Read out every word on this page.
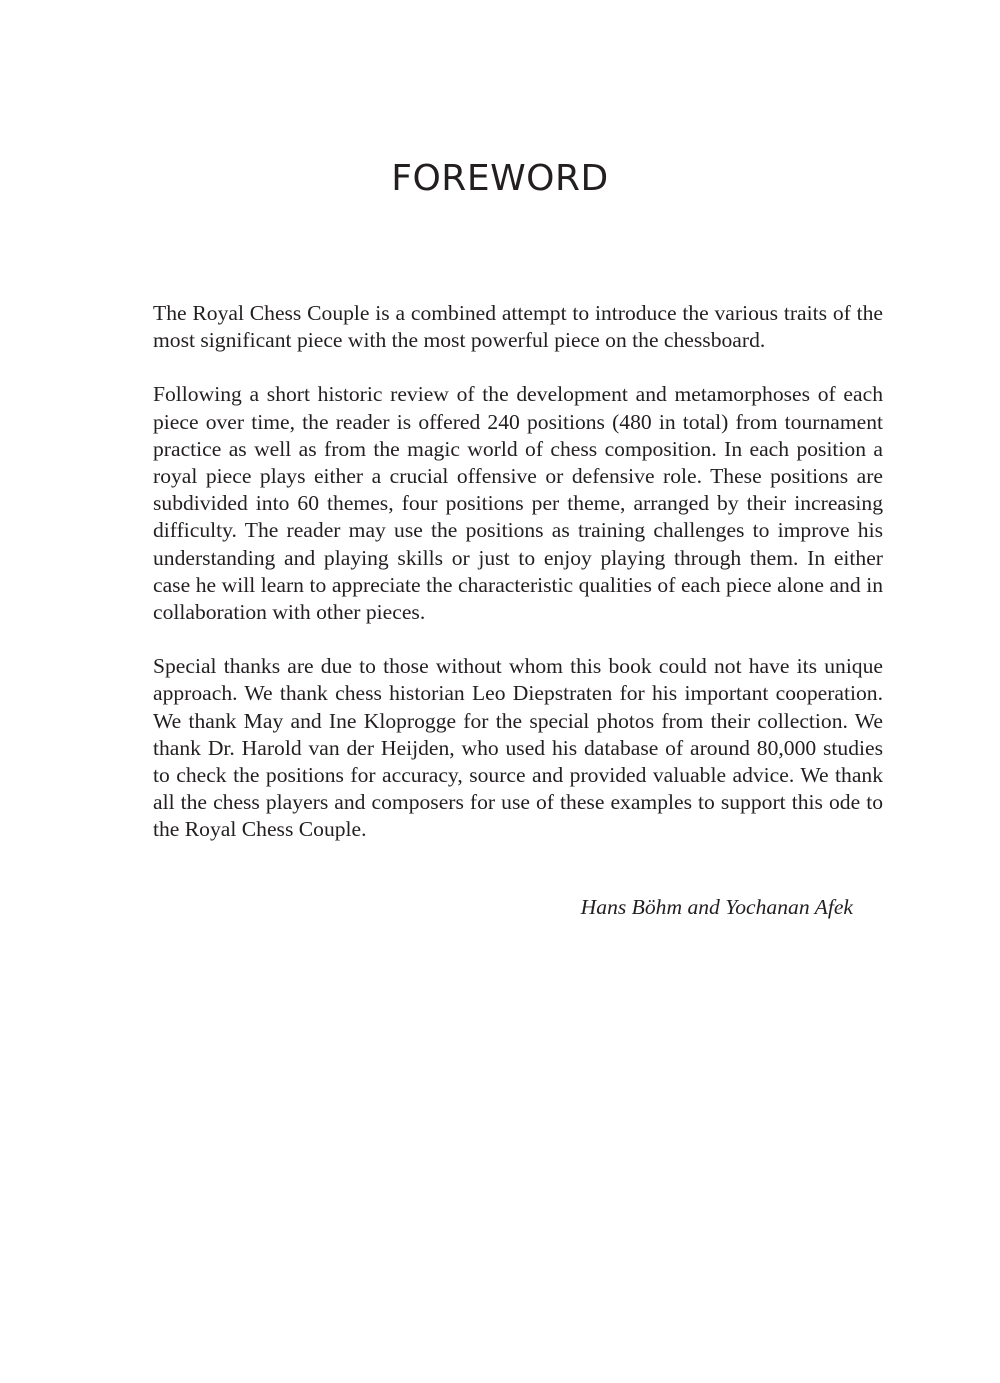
FOREWORD

The Royal Chess Couple is a combined attempt to introduce the various traits of the most significant piece with the most powerful piece on the chessboard.

Following a short historic review of the development and metamorphoses of each piece over time, the reader is offered 240 positions (480 in total) from tournament practice as well as from the magic world of chess composition. In each position a royal piece plays either a crucial offensive or defensive role. These positions are subdivided into 60 themes, four positions per theme, arranged by their increasing difficulty. The reader may use the positions as training challenges to improve his understanding and playing skills or just to enjoy playing through them. In either case he will learn to appreciate the characteristic qualities of each piece alone and in collaboration with other pieces.

Special thanks are due to those without whom this book could not have its unique approach. We thank chess historian Leo Diepstraten for his important cooperation. We thank May and Ine Kloprogge for the special photos from their collection. We thank Dr. Harold van der Heijden, who used his database of around 80,000 studies to check the positions for accuracy, source and provided valuable advice. We thank all the chess players and composers for use of these examples to support this ode to the Royal Chess Couple.

Hans Böhm and Yochanan Afek
